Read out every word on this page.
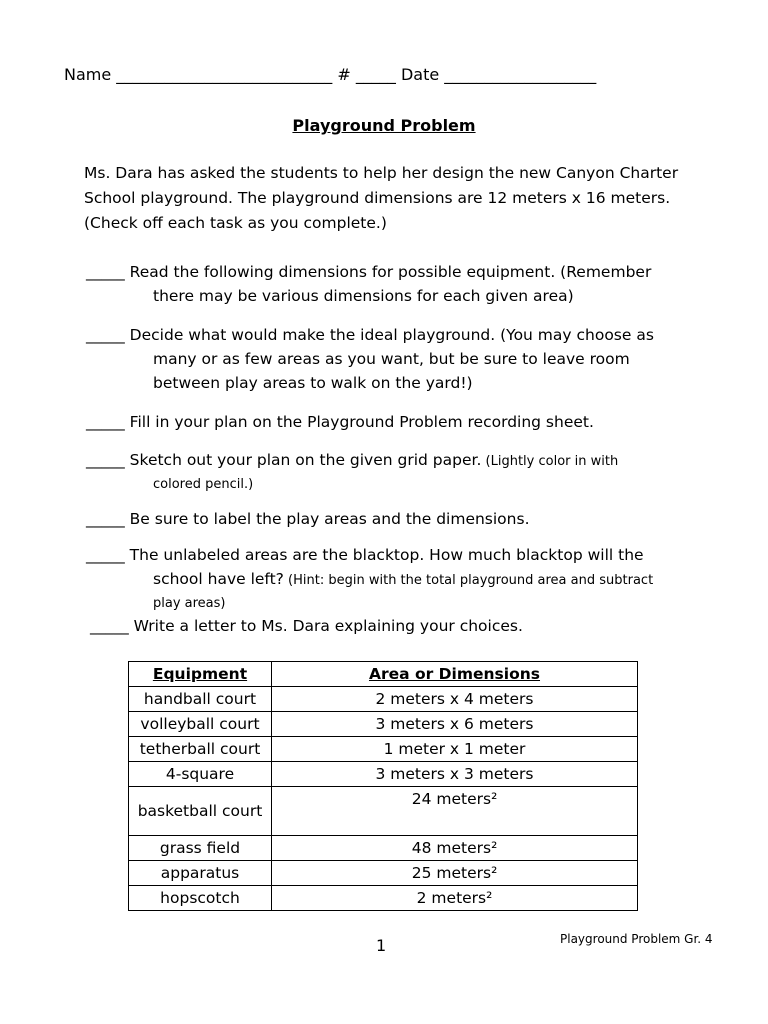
Name ___________________________ # _____ Date ___________________
Playground Problem
Ms. Dara has asked the students to help her design the new Canyon Charter School playground. The playground dimensions are 12 meters x 16 meters. (Check off each task as you complete.)
_____ Read the following dimensions for possible equipment. (Remember
there may be various dimensions for each given area)
_____ Decide what would make the ideal playground. (You may choose as
many or as few areas as you want, but be sure to leave room
between play areas to walk on the yard!)
_____ Fill in your plan on the Playground Problem recording sheet.
_____ Sketch out your plan on the given grid paper. (Lightly color in with
colored pencil.)
_____ Be sure to label the play areas and the dimensions.
_____ The unlabeled areas are the blacktop. How much blacktop will the
school have left? (Hint: begin with the total playground area and subtract
play areas)
_____ Write a letter to Ms. Dara explaining your choices.
Equipment	Area or Dimensions
handball court	2 meters x 4 meters
volleyball court	3 meters x 6 meters
tetherball court	1 meter x 1 meter
4-square	3 meters x 3 meters
basketball court	24 meters²
grass field	48 meters²
apparatus	25 meters²
hopscotch	2 meters²
1	Playground Problem Gr. 4
